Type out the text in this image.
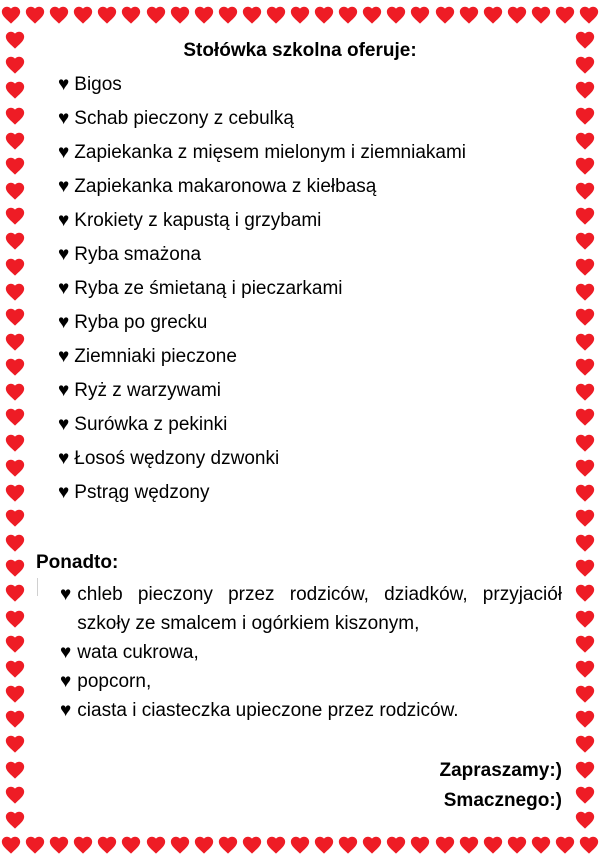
Stołówka szkolna oferuje:
♥ Bigos
♥ Schab pieczony z cebulką
♥ Zapiekanka z mięsem mielonym i ziemniakami
♥ Zapiekanka makaronowa z kiełbasą
♥ Krokiety z kapustą i grzybami
♥ Ryba smażona
♥ Ryba ze śmietaną i pieczarkami
♥ Ryba po grecku
♥ Ziemniaki pieczone
♥ Ryż z warzywami
♥ Surówka z pekinki
♥ Łosoś wędzony dzwonki
♥ Pstrąg wędzony
Ponadto:
♥ chleb pieczony przez rodziców, dziadków, przyjaciół szkoły ze smalcem i ogórkiem kiszonym,
♥ wata cukrowa,
♥ popcorn,
♥ ciasta i ciasteczka upieczone przez rodziców.
Zapraszamy:)
Smacznego:)
